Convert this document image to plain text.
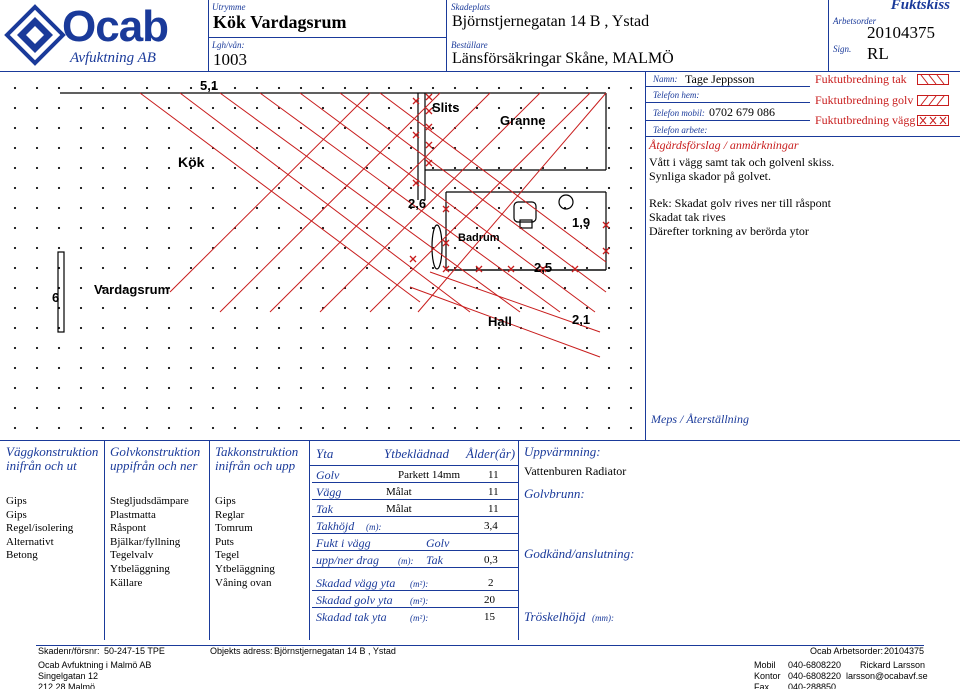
Ocab
Avfuktning AB
Utrymme
Kök Vardagsrum
Lgh/vån:
1003
Skadeplats
Björnstjernegatan 14 B , Ystad
Beställare
Länsförsäkringar Skåne, MALMÖ
Fuktskiss
Arbetsorder
20104375
Sign. RL
5,1
Kök
Slits
Granne
2,6
1,9
Badrum
2,5
6
Vardagsrum
Hall	2,1
Namn: Tage Jeppsson
Telefon hem:
Telefon mobil: 0702 679 086
Telefon arbete:
Fuktutbredning tak
Fuktutbredning golv
Fuktutbredning vägg
Åtgärdsförslag / anmärkningar
Vått i vägg samt tak och golvenl skiss.
Synliga skador på golvet.
Rek: Skadat golv rives ner till råspont
Skadat tak rives
Därefter torkning av berörda ytor
Meps / Återställning
Väggkonstruktion
inifrån och ut
Gips
Gips
Regel/isolering
Alternativt
Betong
Golvkonstruktion
uppifrån och ner
Stegljudsdämpare
Plastmatta
Råspont
Bjälkar/fyllning
Tegelvalv
Ytbeläggning
Källare
Takkonstruktion
inifrån och upp
Gips
Reglar
Tomrum
Puts
Tegel
Ytbeläggning
Våning ovan
Yta	Ytbeklädnad Ålder(år)
Golv	Parkett 14mm	11
Vägg	Målat	11
Tak	Målat	11
Takhöjd (m):	3,4
Fukt i vägg	Golv
upp/ner drag (m): Tak	0,3
Skadad vägg yta (m²):	2
Skadad golv yta (m²):	20
Skadad tak yta	(m²):	15
Uppvärmning:
Vattenburen Radiator
Golvbrunn:
Godkänd/anslutning:
Tröskelhöjd (mm):
Skadenr/försnr: 50-247-15 TPE	Objekts adress: Björnstjernegatan 14 B , Ystad	Ocab Arbetsorder: 20104375
Ocab Avfuktning i Malmö AB
Singelgatan 12
212 28 Malmö
Mobil 040-6808220 Rickard Larsson
Kontor 040-6808220 larsson@ocabavf.se
Fax 040-288850
